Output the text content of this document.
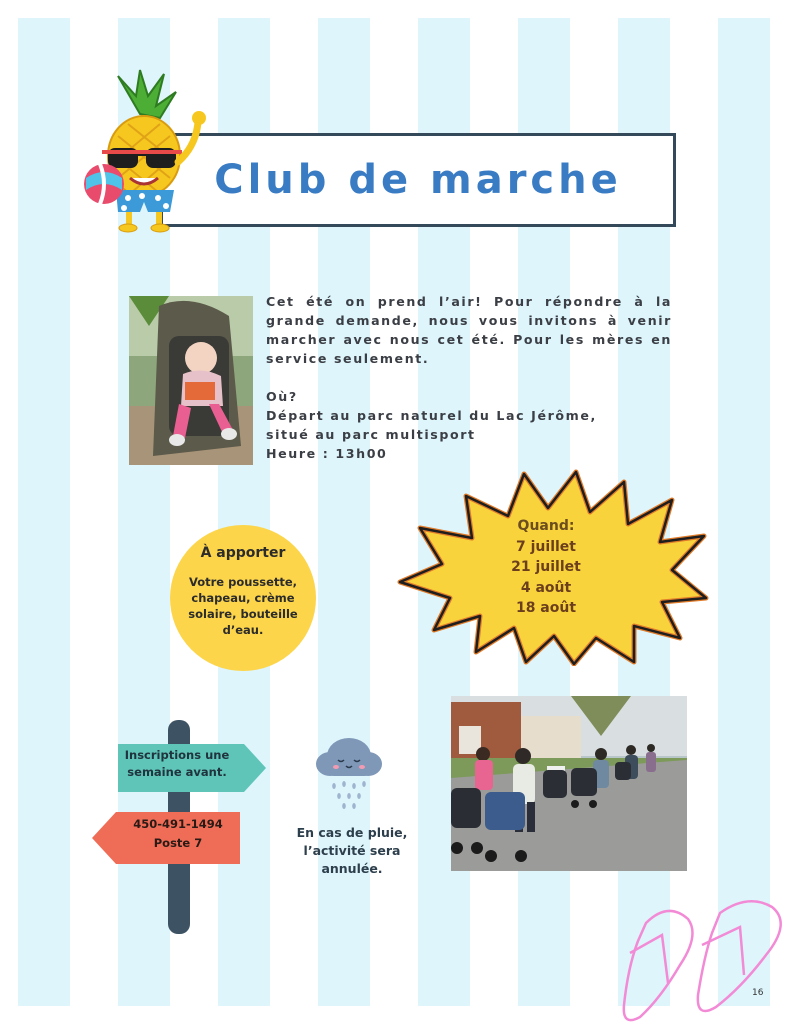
Club de marche

Cet été on prend l’air! Pour répondre à la grande demande, nous vous invitons à venir marcher avec nous cet été. Pour les mères en service seulement.

Où?

Départ au parc naturel du Lac Jérôme,

situé au parc multisport

Heure : 13h00

Quand:
7 juillet
21 juillet
4 août
18 août
À apporter
Votre poussette, chapeau, crème solaire, bouteille d’eau.
Inscriptions une semaine avant.
450-491-1494
Poste 7
En cas de pluie, l’activité sera annulée.
16
